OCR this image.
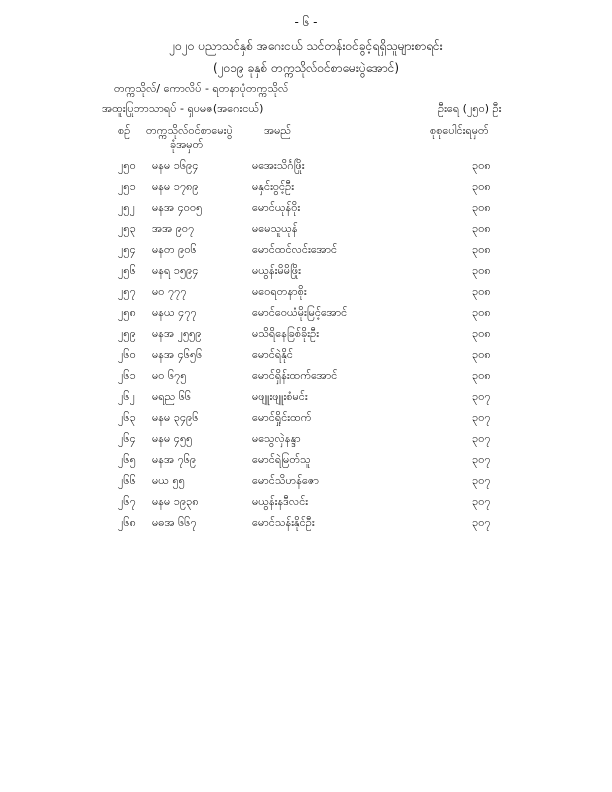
- ၆ -
၂၀၂၀ ပညာသင်နှစ် အဂေးငယ် သင်တန်းဝင်ခွင့်ရရှိသူများစာရင်း
(၂၀၁၉ ခုနှစ် တက္ကသိုလ်ဝင်စာမေးပွဲအောင်)
တက္ကသိုလ်/ ကောလိပ် - ရတနာပုံတက္ကသိုလ်
အထူးပြုဘာသာရပ် - ရှပမဇ(အဂေးငယ်)	ဦးရေ (၂၅၀) ဦး
စဉ် တက္ကသိုလ်ဝင်စာမေးပွဲ	အမည်	စုစုပေါင်းရမှတ်
ခုံအမှတ်
၂၅၀ မနမ ၁၆၉၄	မအေးသိင်္ဂဖြိုး	၃၀၈
၂၅၁ မနမ ၁၇၈၉	မနှင်းဝွင့်ဦး	၃၀၈
၂၅၂ မနအ ၄၀၀၅	မောင်ယုန်ဝိုး	၃၀၈
၂၅၃ အအ ၉၀၇	မမေသူယုန်	၃၀၈
၂၅၄ မနတ ၉၀၆	မောင်ထင်လင်းအောင်	၃၀၈
၂၅၆ မနရ ၁၅၉၄	မယွန်းမိမိဖြိုး	၃၀၈
၂၅၇ မဝ ၇၇၇	မဝေရတနာစိုး	၃၀၈
၂၅၈ မနယ ၄၇၇	မောင်ဝေယံမိုးမြင့်အောင်	၃၀၈
၂၅၉ မနအ ၂၅၅၉	မသိရိနေခြစ်ခိုးဦး	၃၀၈
၂၆၀ မနအ ၄၆၅၆	မောင်ရဲနိုင်	၃၀၈
၂၆၁ မဝ ၆၇၅	မောင်ရှိန်းထက်အောင်	၃၀၈
၂၆၂ မရည ၆၆	မဖျူးဖျူးစံမင်း	၃၀၇
၂၆၃ မနမ ၃၄၉၆	မောင်ရှိုင်းထက်	၃၀၇
၂၆၄ မနမ ၄၅၅	မသွေလှဲနန္ဒာ	၃၀၇
၂၆၅ မနအ ၇၆၉	မောင်ရဲမြတ်သူ	၃၀၇
၂၆၆ မယ ၅၅	မောင်သိဟန်ဇော	၃၀၇
၂၆၇ မနမ ၁၉၃၈	မယွန်းနဒီလင်း	၃၀၇
၂၆၈ မဓအ ၆၆၇	မောင်သန်းနိုင်ဦး	၃၀၇
